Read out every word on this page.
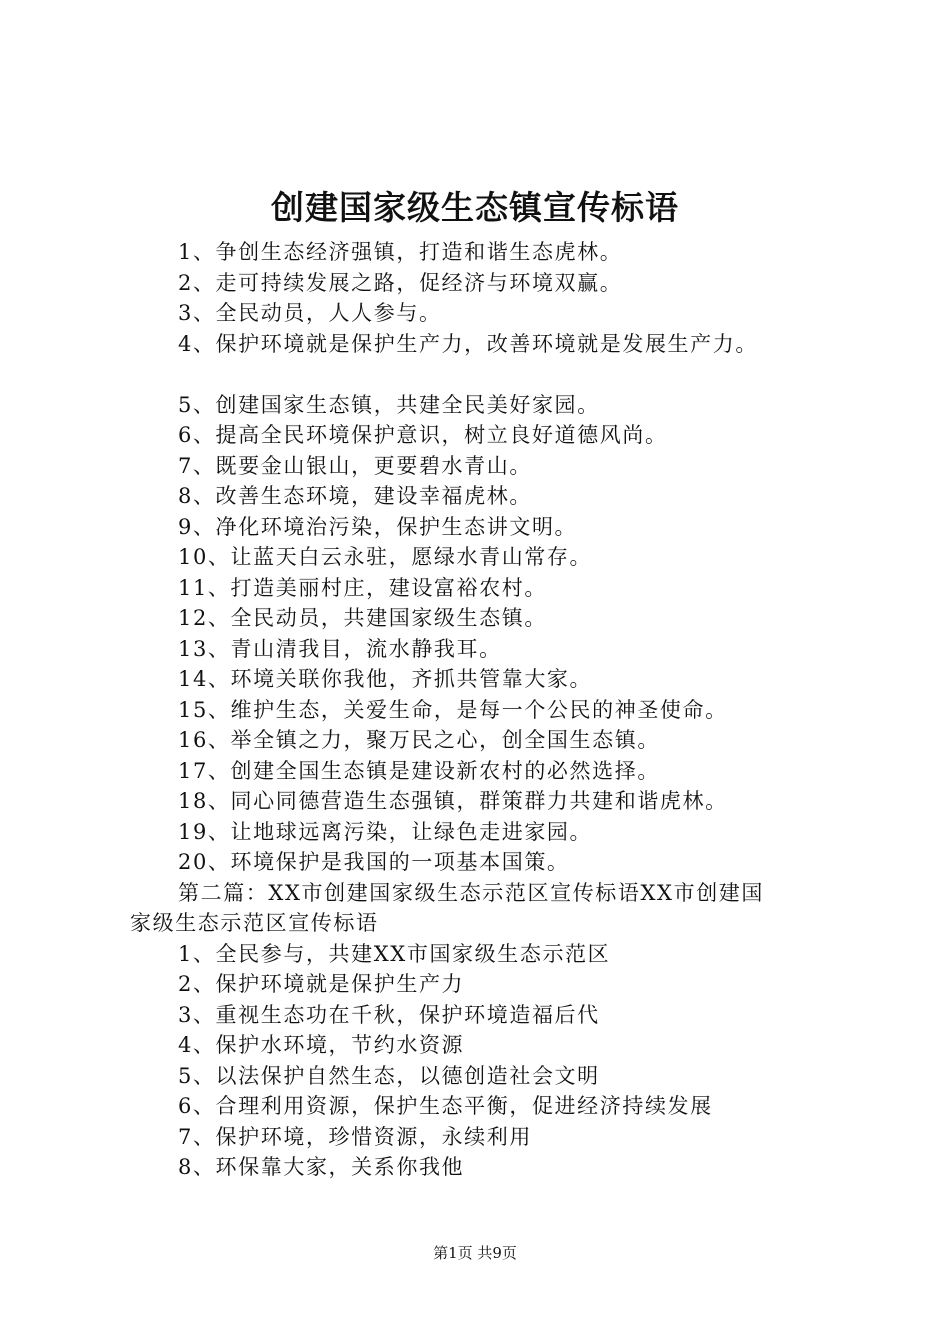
创建国家级生态镇宣传标语
1、争创生态经济强镇，打造和谐生态虎林。
2、走可持续发展之路，促经济与环境双赢。
3、全民动员，人人参与。
4、保护环境就是保护生产力，改善环境就是发展生产力。
5、创建国家生态镇，共建全民美好家园。
6、提高全民环境保护意识，树立良好道德风尚。
7、既要金山银山，更要碧水青山。
8、改善生态环境，建设幸福虎林。
9、净化环境治污染，保护生态讲文明。
10、让蓝天白云永驻，愿绿水青山常存。
11、打造美丽村庄，建设富裕农村。
12、全民动员，共建国家级生态镇。
13、青山清我目，流水静我耳。
14、环境关联你我他，齐抓共管靠大家。
15、维护生态，关爱生命，是每一个公民的神圣使命。
16、举全镇之力，聚万民之心，创全国生态镇。
17、创建全国生态镇是建设新农村的必然选择。
18、同心同德营造生态强镇，群策群力共建和谐虎林。
19、让地球远离污染，让绿色走进家园。
20、环境保护是我国的一项基本国策。
第二篇：XX市创建国家级生态示范区宣传标语XX市创建国
家级生态示范区宣传标语
1、全民参与，共建XX市国家级生态示范区
2、保护环境就是保护生产力
3、重视生态功在千秋，保护环境造福后代
4、保护水环境，节约水资源
5、以法保护自然生态，以德创造社会文明
6、合理利用资源，保护生态平衡，促进经济持续发展
7、保护环境，珍惜资源，永续利用
8、环保靠大家，关系你我他
第1页 共9页
